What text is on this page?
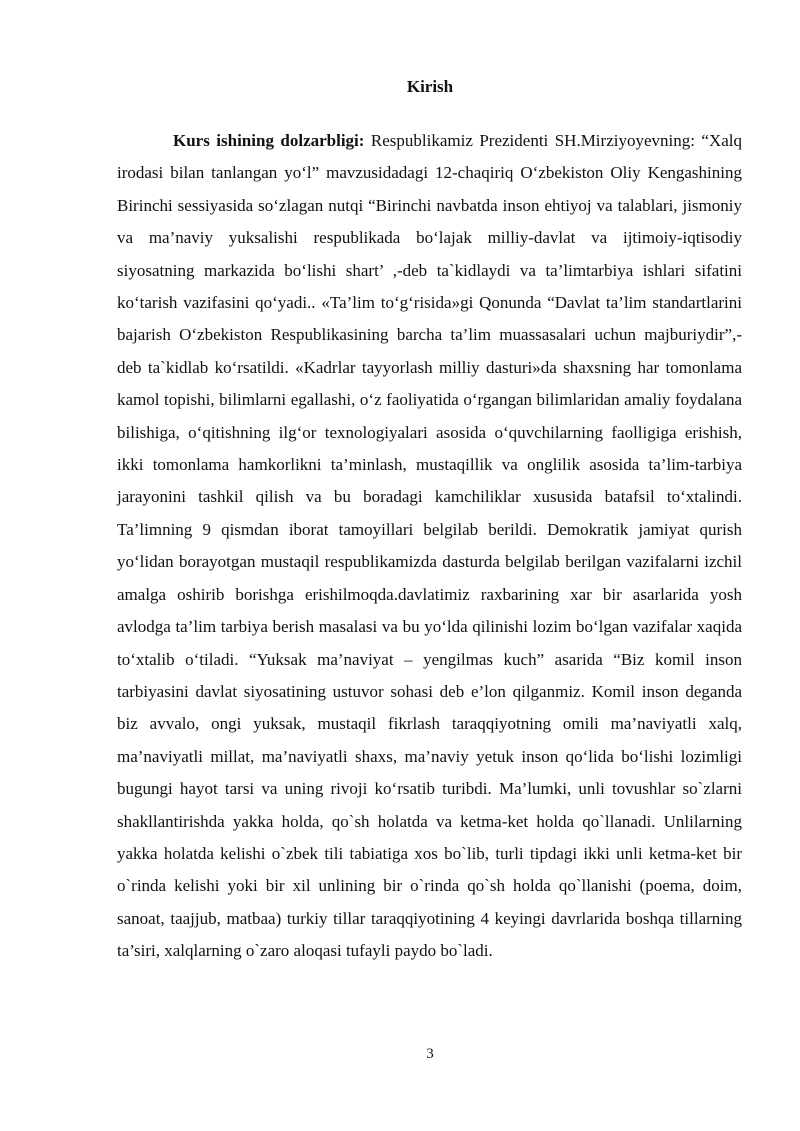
Kirish

Kurs ishining dolzarbligi: Respublikamiz Prezidenti SH.Mirziyoyevning: “Xalq irodasi bilan tanlangan yo‘l” mavzusidadagi 12-chaqiriq O‘zbekiston Oliy Kengashining Birinchi sessiyasida so‘zlagan nutqi “Birinchi navbatda inson ehtiyoj va talablari, jismoniy va ma’naviy yuksalishi respublikada bo‘lajak milliy-davlat va ijtimoiy-iqtisodiy siyosatning markazida bo‘lishi shart’ ,-deb ta`kidlaydi va ta’limtarbiya ishlari sifatini ko‘tarish vazifasini qo‘yadi.. «Ta’lim to‘g‘risida»gi Qonunda “Davlat ta’lim standartlarini bajarish O‘zbekiston Respublikasining barcha ta’lim muassasalari uchun majburiydir”,- deb ta`kidlab ko‘rsatildi. «Kadrlar tayyorlash milliy dasturi»da shaxsning har tomonlama kamol topishi, bilimlarni egallashi, o‘z faoliyatida o‘rgangan bilimlaridan amaliy foydalana bilishiga, o‘qitishning ilg‘or texnologiyalari asosida o‘quvchilarning faolligiga erishish, ikki tomonlama hamkorlikni ta’minlash, mustaqillik va onglilik asosida ta’lim-tarbiya jarayonini tashkil qilish va bu boradagi kamchiliklar xususida batafsil to‘xtalindi. Ta’limning 9 qismdan iborat tamoyillari belgilab berildi. Demokratik jamiyat qurish yo‘lidan borayotgan mustaqil respublikamizda dasturda belgilab berilgan vazifalarni izchil amalga oshirib borishga erishilmoqda.davlatimiz raxbarining xar bir asarlarida yosh avlodga ta’lim tarbiya berish masalasi va bu yo‘lda qilinishi lozim bo‘lgan vazifalar xaqida to‘xtalib o‘tiladi. “Yuksak ma’naviyat – yengilmas kuch” asarida “Biz komil inson tarbiyasini davlat siyosatining ustuvor sohasi deb e’lon qilganmiz. Komil inson deganda biz avvalo, ongi yuksak, mustaqil fikrlash taraqqiyotning omili ma’naviyatli xalq, ma’naviyatli millat, ma’naviyatli shaxs, ma’naviy yetuk inson qo‘lida bo‘lishi lozimligi bugungi hayot tarsi va uning rivoji ko‘rsatib turibdi. Ma’lumki, unli tovushlar so`zlarni shakllantirishda yakka holda, qo`sh holatda va ketma-ket holda qo`llanadi. Unlilarning yakka holatda kelishi o`zbek tili tabiatiga xos bo`lib, turli tipdagi ikki unli ketma-ket bir o`rinda kelishi yoki bir xil unlining bir o`rinda qo`sh holda qo`llanishi (poema, doim, sanoat, taajjub, matbaa) turkiy tillar taraqqiyotining 4 keyingi davrlarida boshqa tillarning ta’siri, xalqlarning o`zaro aloqasi tufayli paydo bo`ladi.

3
